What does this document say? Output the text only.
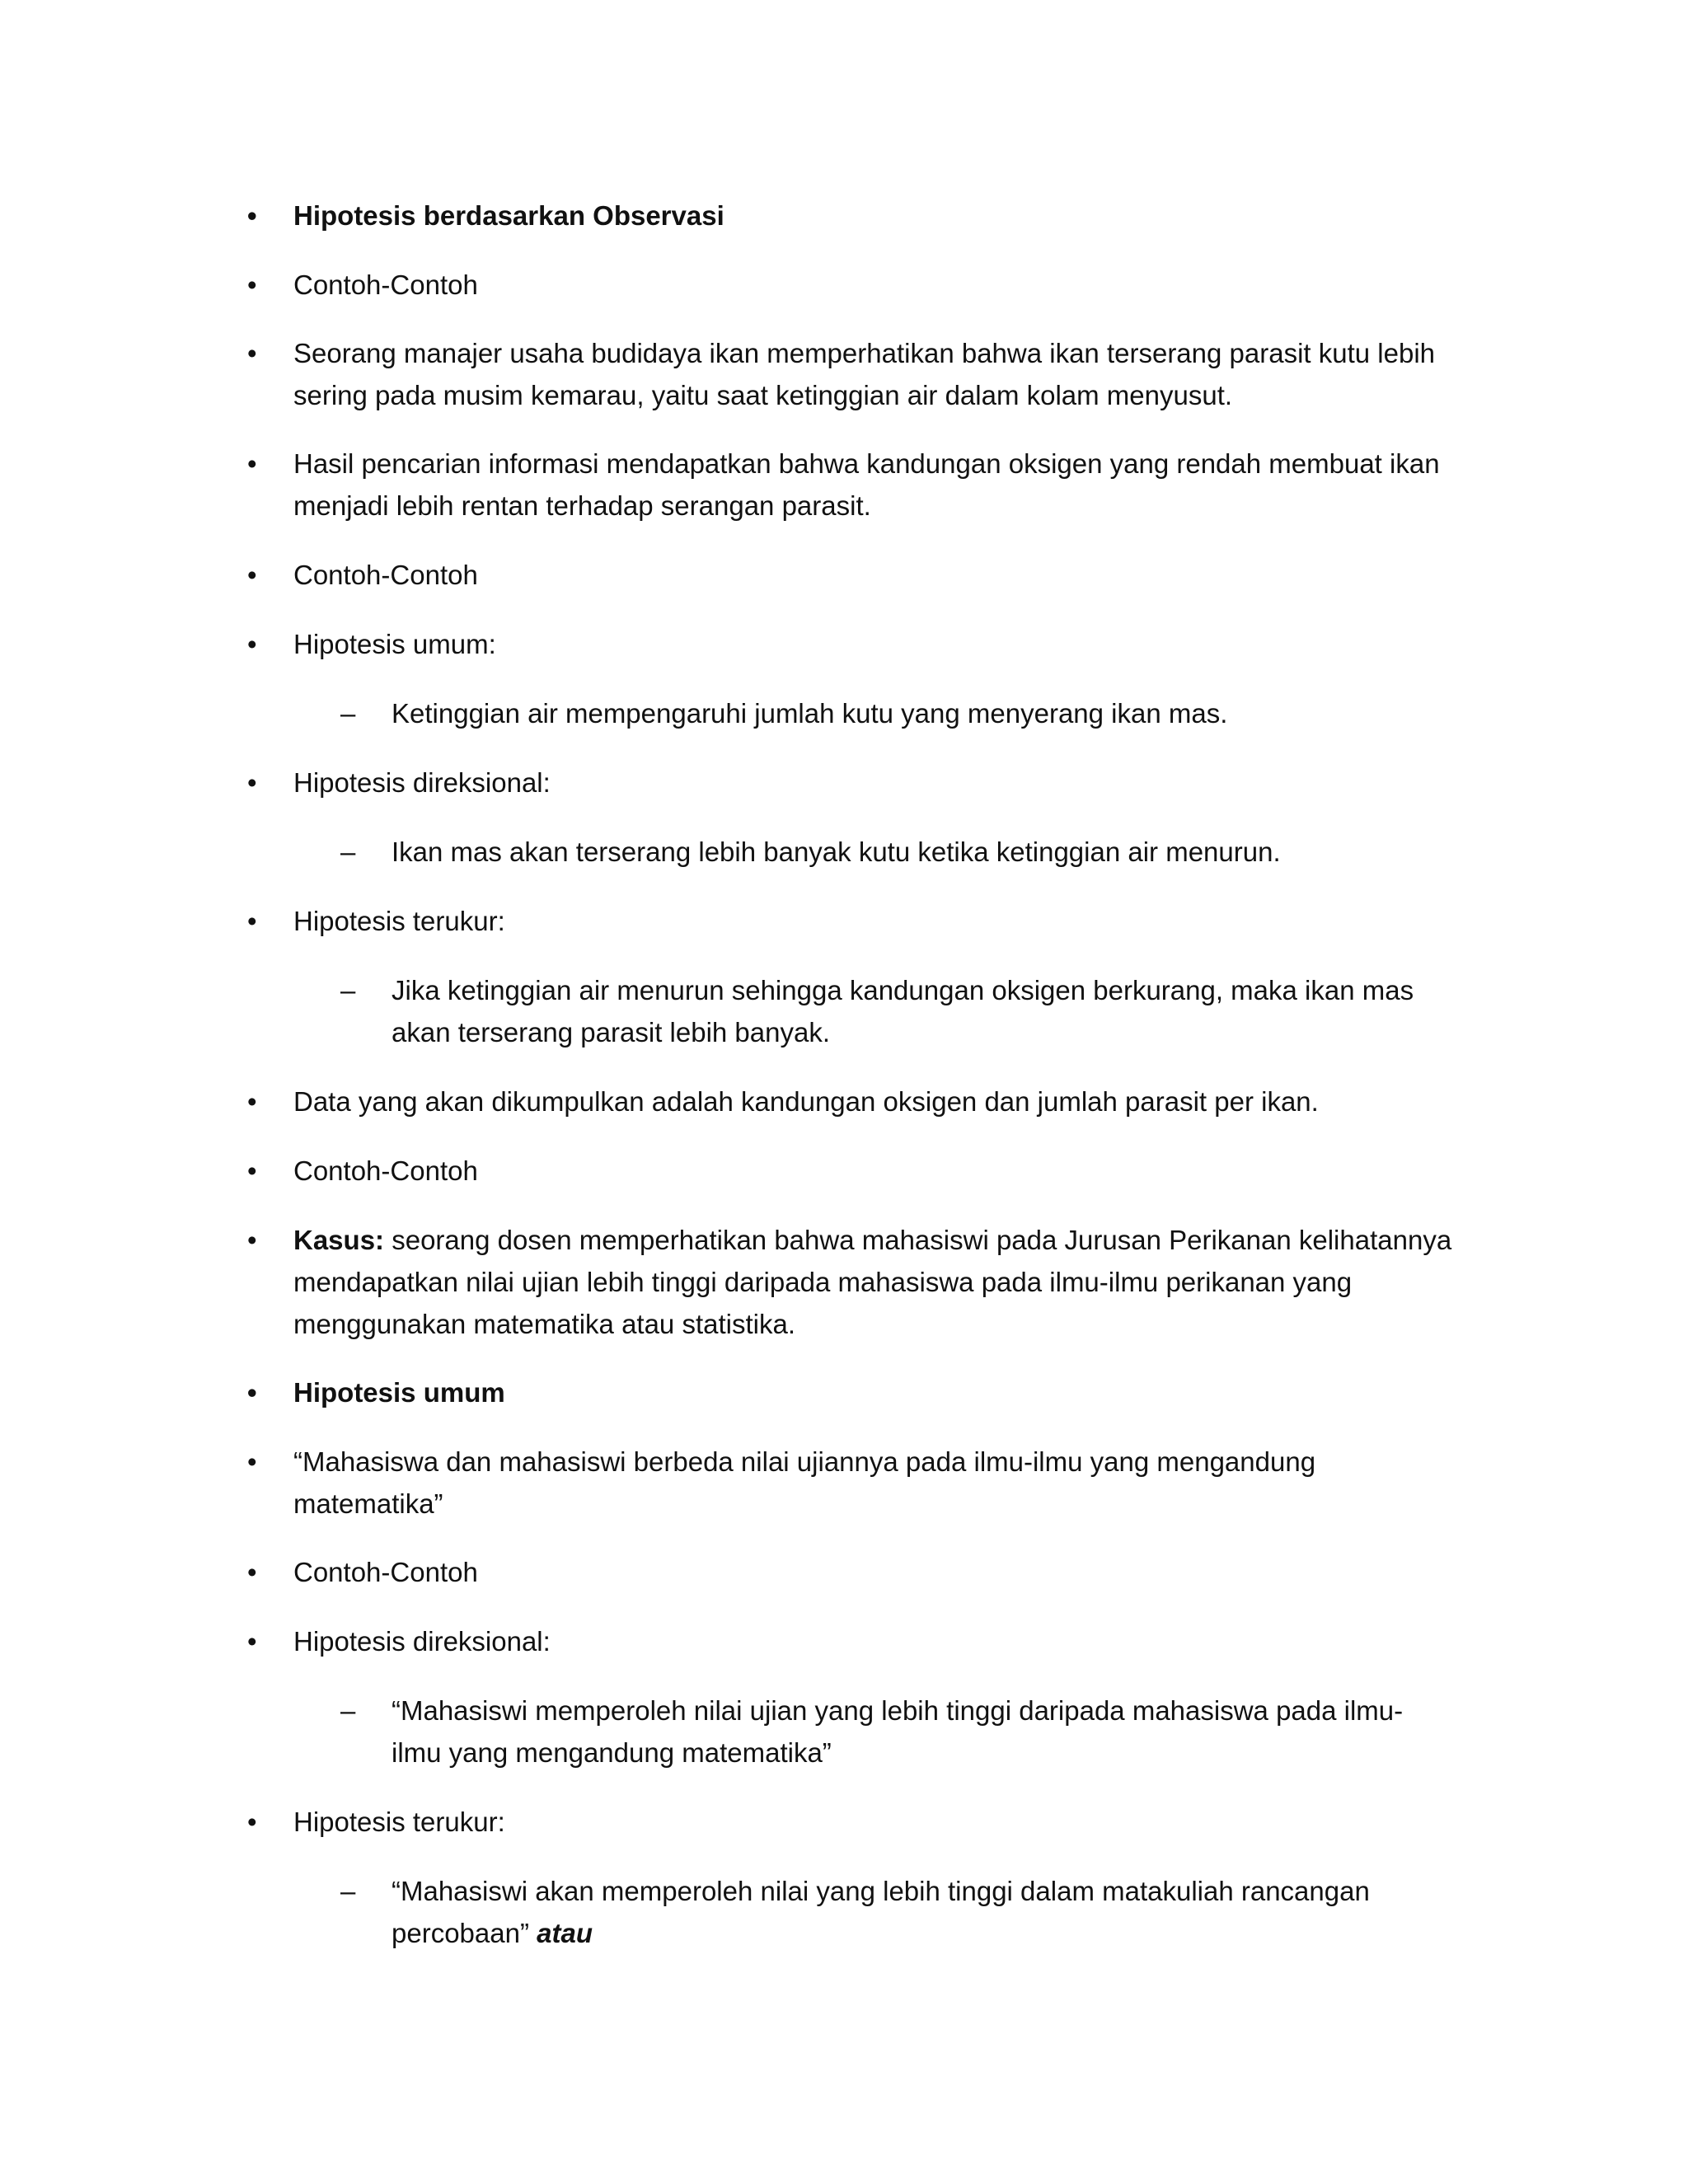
• Hipotesis berdasarkan Observasi
• Contoh-Contoh
• Seorang manajer usaha budidaya ikan memperhatikan bahwa ikan terserang parasit kutu lebih
sering pada musim kemarau, yaitu saat ketinggian air dalam kolam menyusut.
• Hasil pencarian informasi mendapatkan bahwa kandungan oksigen yang rendah membuat ikan
menjadi lebih rentan terhadap serangan parasit.
• Contoh-Contoh
• Hipotesis umum:
– Ketinggian air mempengaruhi jumlah kutu yang menyerang ikan mas.
• Hipotesis direksional:
– Ikan mas akan terserang lebih banyak kutu ketika ketinggian air menurun.
• Hipotesis terukur:
– Jika ketinggian air menurun sehingga kandungan oksigen berkurang, maka ikan mas
akan terserang parasit lebih banyak.
• Data yang akan dikumpulkan adalah kandungan oksigen dan jumlah parasit per ikan.
• Contoh-Contoh
• Kasus: seorang dosen memperhatikan bahwa mahasiswi pada Jurusan Perikanan kelihatannya
mendapatkan nilai ujian lebih tinggi daripada mahasiswa pada ilmu-ilmu perikanan yang
menggunakan matematika atau statistika.
• Hipotesis umum
• “Mahasiswa dan mahasiswi berbeda nilai ujiannya pada ilmu-ilmu yang mengandung
matematika”
• Contoh-Contoh
• Hipotesis direksional:
– “Mahasiswi memperoleh nilai ujian yang lebih tinggi daripada mahasiswa pada ilmu-
ilmu yang mengandung matematika”
• Hipotesis terukur:
– “Mahasiswi akan memperoleh nilai yang lebih tinggi dalam matakuliah rancangan
percobaan” atau
